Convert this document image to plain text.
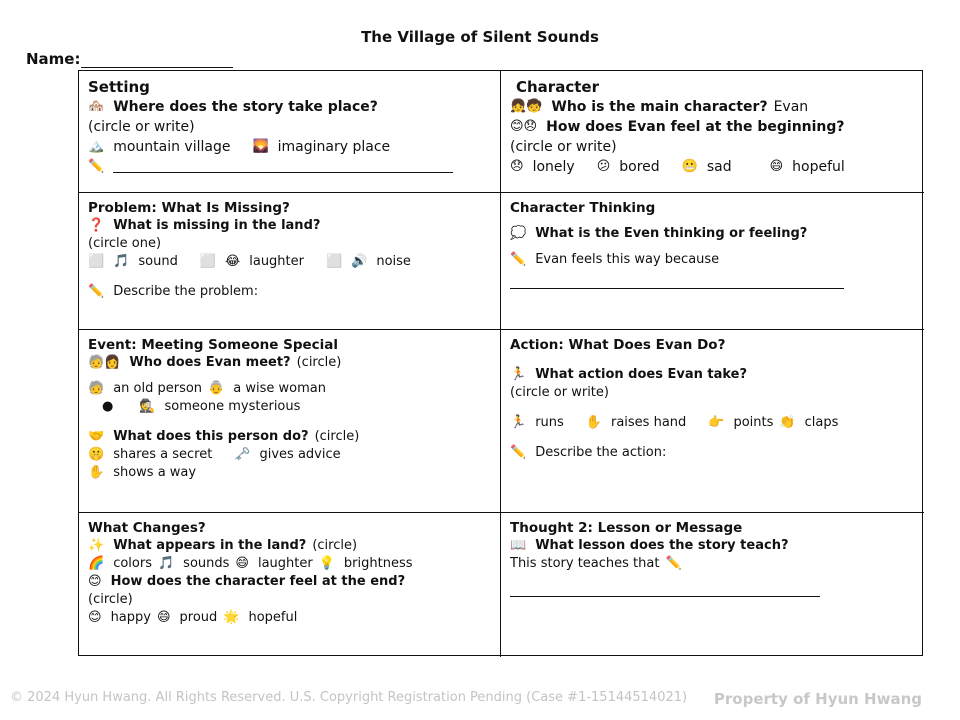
The Village of Silent Sounds
Name:
Setting
🏘️ Where does the story take place?
(circle or write)
🏔️ mountain village 🌄 imaginary place
✏️
Character
👧🧒 Who is the main character? Evan
😊😞 How does Evan feel at the beginning?
(circle or write)
😞 lonely 😕 bored 😬 sad	😄 hopeful
Problem: What Is Missing?
❓ What is missing in the land?
(circle one)
⬜ 🎵 sound ⬜ 😂 laughter ⬜ 🔊 noise
✏️ Describe the problem:
Character Thinking
💭 What is the Even thinking or feeling?
✏️ Evan feels this way because
Event: Meeting Someone Special
🧓👩 Who does Evan meet? (circle)
🧓 an old person 👵 a wise woman
● 🕵️ someone mysterious
🤝 What does this person do? (circle)
🤫 shares a secret 🗝️ gives advice
✋ shows a way
Action: What Does Evan Do?
🏃 What action does Evan take?
(circle or write)
🏃 runs ✋ raises hand 👉 points 👏 claps
✏️ Describe the action:
What Changes?
✨ What appears in the land? (circle)
🌈 colors 🎵 sounds 😄 laughter 💡 brightness
😊 How does the character feel at the end?
(circle)
😊 happy 😄 proud 🌟 hopeful
Thought 2: Lesson or Message
📖 What lesson does the story teach?
This story teaches that ✏️
© 2024 Hyun Hwang. All Rights Reserved. U.S. Copyright Registration Pending (Case #1-15144514021) Property of Hyun Hwang
